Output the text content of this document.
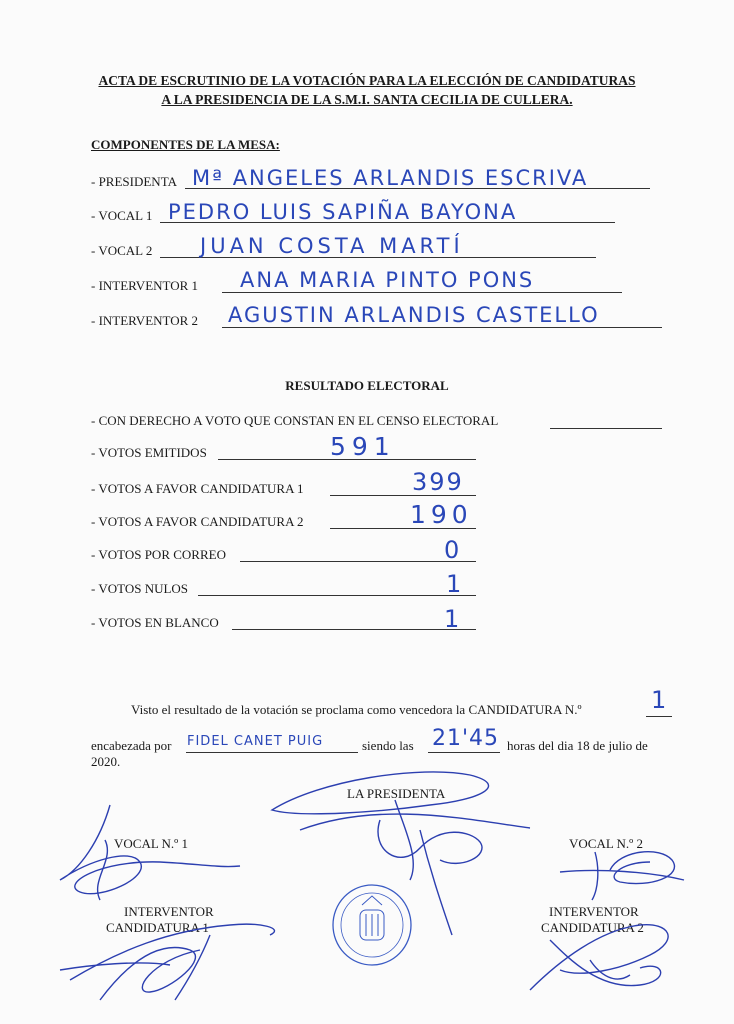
ACTA DE ESCRUTINIO DE LA VOTACIÓN PARA LA ELECCIÓN DE CANDIDATURAS
A LA PRESIDENCIA DE LA S.M.I. SANTA CECILIA DE CULLERA.
COMPONENTES DE LA MESA:
- PRESIDENTA Mª ANGELES ARLANDIS ESCRIVA
- VOCAL 1 PEDRO LUIS SAPIÑA BAYONA
- VOCAL 2 JUAN COSTA MARTÍ
- INTERVENTOR 1 ANA MARIA PINTO PONS
- INTERVENTOR 2 AGUSTIN ARLANDIS CASTELLO
RESULTADO ELECTORAL
- CON DERECHO A VOTO QUE CONSTAN EN EL CENSO ELECTORAL
- VOTOS EMITIDOS	591
- VOTOS A FAVOR CANDIDATURA 1	399
- VOTOS A FAVOR CANDIDATURA 2	190
- VOTOS POR CORREO	0
- VOTOS NULOS	1
- VOTOS EN BLANCO	1
Visto el resultado de la votación se proclama como vencedora la CANDIDATURA N.º	1
encabezada por FIDEL CANET PUIG	siendo las 21'45 horas del dia 18 de julio de
2020.
LA PRESIDENTA
VOCAL N.º 1	VOCAL N.º 2
INTERVENTOR
CANDIDATURA 1
INTERVENTOR
CANDIDATURA 2
